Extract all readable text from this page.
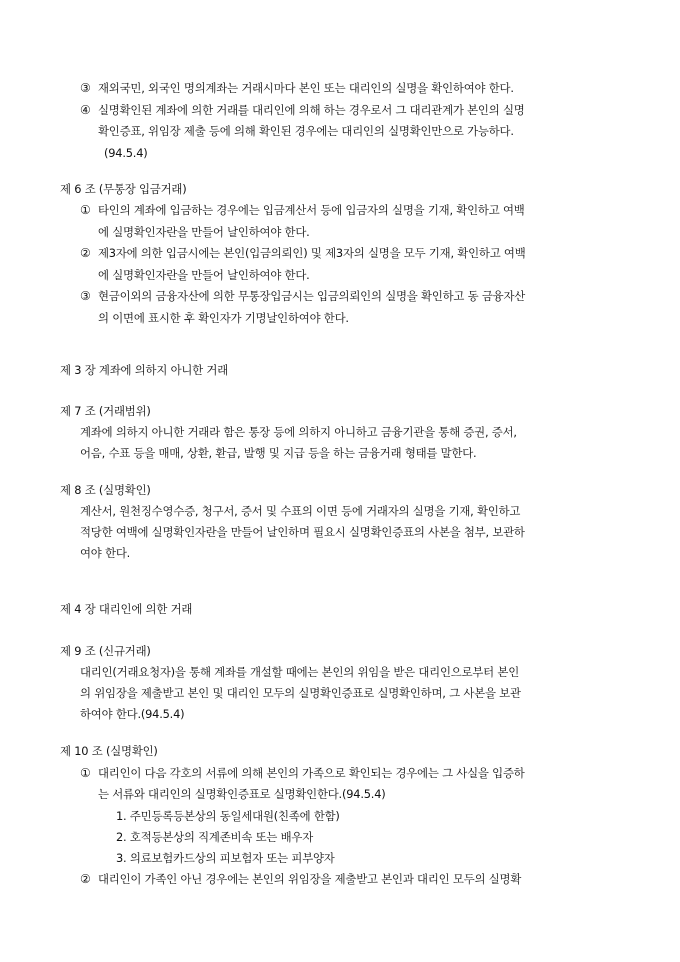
③ 재외국민, 외국인 명의계좌는 거래시마다 본인 또는 대리인의 실명을 확인하여야 한다.
④ 실명확인된 계좌에 의한 거래를 대리인에 의해 하는 경우로서 그 대리관계가 본인의 실명
확인증표, 위임장 제출 등에 의해 확인된 경우에는 대리인의 실명확인만으로 가능하다.
(94.5.4)
제 6 조 (무통장 입금거래)
① 타인의 계좌에 입금하는 경우에는 입금계산서 등에 입금자의 실명을 기재, 확인하고 여백
에 실명확인자란을 만들어 날인하여야 한다.
② 제3자에 의한 입금시에는 본인(입금의뢰인) 및 제3자의 실명을 모두 기재, 확인하고 여백
에 실명확인자란을 만들어 날인하여야 한다.
③ 현금이외의 금융자산에 의한 무통장입금시는 입금의뢰인의 실명을 확인하고 동 금융자산
의 이면에 표시한 후 확인자가 기명날인하여야 한다.
제 3 장 계좌에 의하지 아니한 거래
제 7 조 (거래범위)
계좌에 의하지 아니한 거래라 함은 통장 등에 의하지 아니하고 금융기관을 통해 증권, 증서,
어음, 수표 등을 매매, 상환, 환급, 발행 및 지급 등을 하는 금융거래 형태를 말한다.
제 8 조 (실명확인)
계산서, 원천징수영수증, 청구서, 증서 및 수표의 이면 등에 거래자의 실명을 기재, 확인하고
적당한 여백에 실명확인자란을 만들어 날인하며 필요시 실명확인증표의 사본을 첨부, 보관하
여야 한다.
제 4 장 대리인에 의한 거래
제 9 조 (신규거래)
대리인(거래요청자)을 통해 계좌를 개설할 때에는 본인의 위임을 받은 대리인으로부터 본인
의 위임장을 제출받고 본인 및 대리인 모두의 실명확인증표로 실명확인하며, 그 사본을 보관
하여야 한다.(94.5.4)
제 10 조 (실명확인)
① 대리인이 다음 각호의 서류에 의해 본인의 가족으로 확인되는 경우에는 그 사실을 입증하
는 서류와 대리인의 실명확인증표로 실명확인한다.(94.5.4)
1. 주민등록등본상의 동일세대원(친족에 한함)
2. 호적등본상의 직계존비속 또는 배우자
3. 의료보험카드상의 피보험자 또는 피부양자
② 대리인이 가족인 아닌 경우에는 본인의 위임장을 제출받고 본인과 대리인 모두의 실명확
